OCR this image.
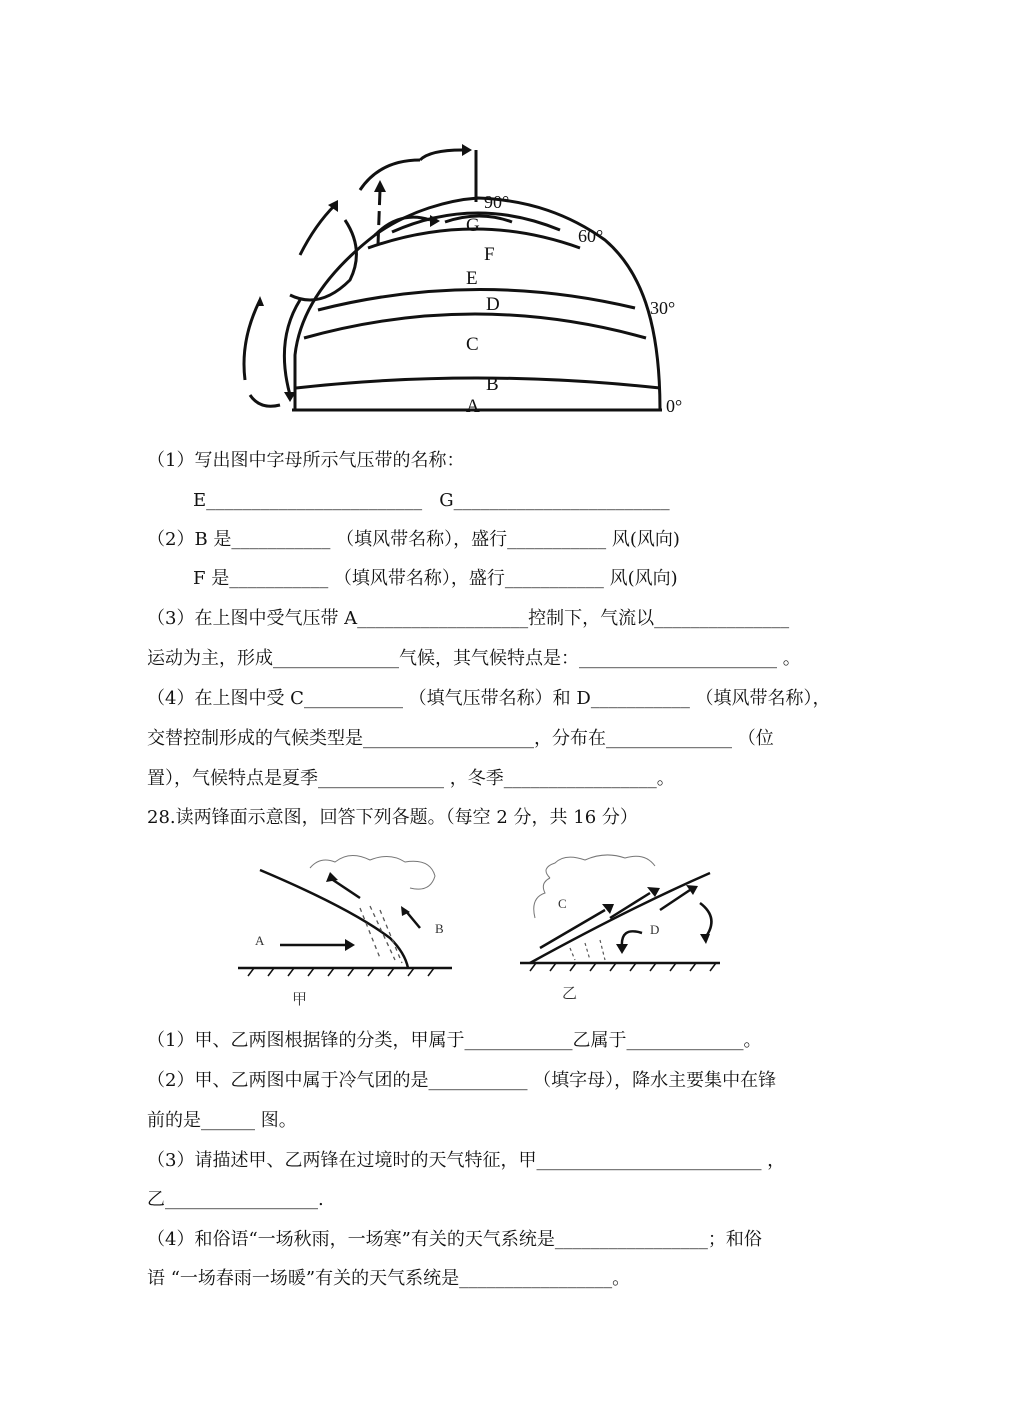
90°
60°
30°
0°
G
F
E
D
C
B
A
（1）写出图中字母所示气压带的名称：
E________________________   G________________________
（2）B 是___________ （填风带名称），盛行___________ 风(风向)
F 是___________ （填风带名称），盛行___________ 风(风向)
（3）在上图中受气压带 A___________________控制下，气流以_______________
运动为主，形成______________气候，其气候特点是：______________________ 。
（4）在上图中受 C___________ （填气压带名称）和 D___________ （填风带名称），
交替控制形成的气候类型是___________________，分布在______________ （位
置），气候特点是夏季______________ ，冬季_________________。
28.读两锋面示意图，回答下列各题。（每空 2 分，共 16 分）
A
B
甲
C
D
乙
（1）甲、乙两图根据锋的分类，甲属于____________乙属于_____________。
（2）甲、乙两图中属于冷气团的是___________ （填字母），降水主要集中在锋
前的是______ 图。
（3）请描述甲、乙两锋在过境时的天气特征，甲_________________________ ，
乙_________________.
（4）和俗语“一场秋雨，一场寒”有关的天气系统是_________________；和俗
语 “一场春雨一场暖”有关的天气系统是_________________。
